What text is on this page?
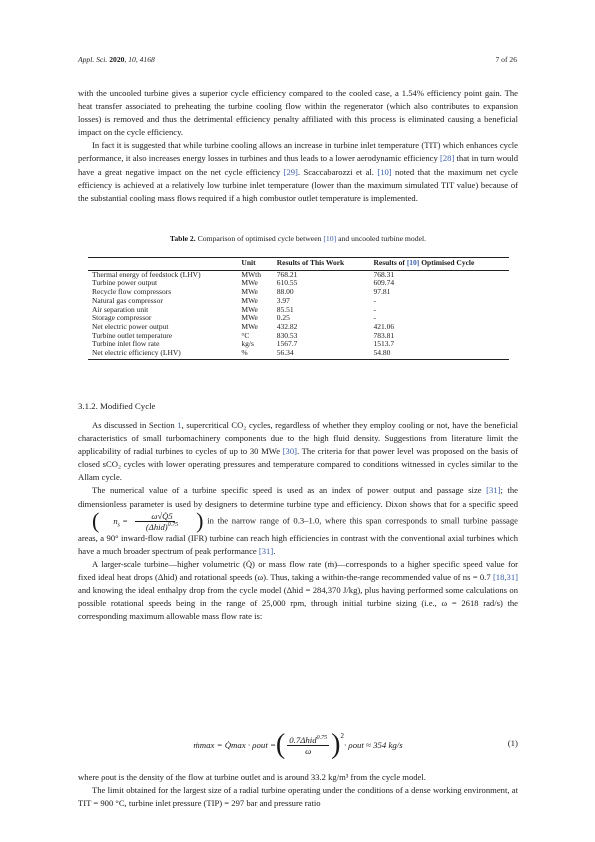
Appl. Sci. 2020, 10, 4168	7 of 26

with the uncooled turbine gives a superior cycle efficiency compared to the cooled case, a 1.54% efficiency point gain. The heat transfer associated to preheating the turbine cooling flow within the regenerator (which also contributes to expansion losses) is removed and thus the detrimental efficiency penalty affiliated with this process is eliminated causing a beneficial impact on the cycle efficiency.

In fact it is suggested that while turbine cooling allows an increase in turbine inlet temperature (TIT) which enhances cycle performance, it also increases energy losses in turbines and thus leads to a lower aerodynamic efficiency [28] that in turn would have a great negative impact on the net cycle efficiency [29]. Scaccabarozzi et al. [10] noted that the maximum net cycle efficiency is achieved at a relatively low turbine inlet temperature (lower than the maximum simulated TIT value) because of the substantial cooling mass flows required if a high combustor outlet temperature is implemented.

Table 2. Comparison of optimised cycle between [10] and uncooled turbine model.
	Unit	Results of This Work	Results of [10] Optimised Cycle
Thermal energy of feedstock (LHV)	MWth	768.21	768.31
Turbine power output	MWe	610.55	609.74
Recycle flow compressors	MWe	88.00	97.81
Natural gas compressor	MWe	3.97	-
Air separation unit	MWe	85.51	-
Storage compressor	MWe	0.25	-
Net electric power output	MWe	432.82	421.06
Turbine outlet temperature	°C	830.53	783.81
Turbine inlet flow rate	kg/s	1567.7	1513.7
Net electric efficiency (LHV)	%	56.34	54.80
3.1.2. Modified Cycle

As discussed in Section 1, supercritical CO₂ cycles, regardless of whether they employ cooling or not, have the beneficial characteristics of small turbomachinery components due to the high fluid density. Suggestions from literature limit the applicability of radial turbines to cycles of up to 30 MWe [30]. The criteria for that power level was proposed on the basis of closed sCO₂ cycles with lower operating pressures and temperature compared to conditions witnessed in cycles similar to the Allam cycle.

The numerical value of a turbine specific speed is used as an index of power output and passage size [31]; the dimensionless parameter is used by designers to determine turbine type and efficiency. Dixon shows that for a specific speed
(	$n_s = \frac{\omega√Q̇5}{(\Delta hid)^{0.75}}$ ) in the narrow range of 0.3–1.0, where this span corresponds to small turbine passage areas, a 90° inward-flow radial (IFR) turbine can reach high efficiencies in contrast with the conventional axial turbines which have a much broader spectrum of peak performance [31].

A larger-scale turbine—higher volumetric (Q̇) or mass flow rate (ṁ)—corresponds to a higher specific speed value for fixed ideal heat drops (Δhid) and rotational speeds (ω). Thus, taking a within-the-range recommended value of ns = 0.7 [18,31] and knowing the ideal enthalpy drop from the cycle model (Δhid = 284,370 J/kg), plus having performed some calculations on possible rotational speeds being in the range of 25,000 rpm, through initial turbine sizing (i.e., ω = 2618 rad/s) the corresponding maximum allowable mass flow rate is:

ṁmax = Q̇max · ρout = ( $\frac{0.7\Delta hid^{0.75}}{\omega} )^2$
· ρout ≈ 354 kg/s	(1)

where ρout is the density of the flow at turbine outlet and is around 33.2 kg/m³ from the cycle model.

The limit obtained for the largest size of a radial turbine operating under the conditions of a dense working environment, at TIT = 900 °C, turbine inlet pressure (TIP) = 297 bar and pressure ratio
